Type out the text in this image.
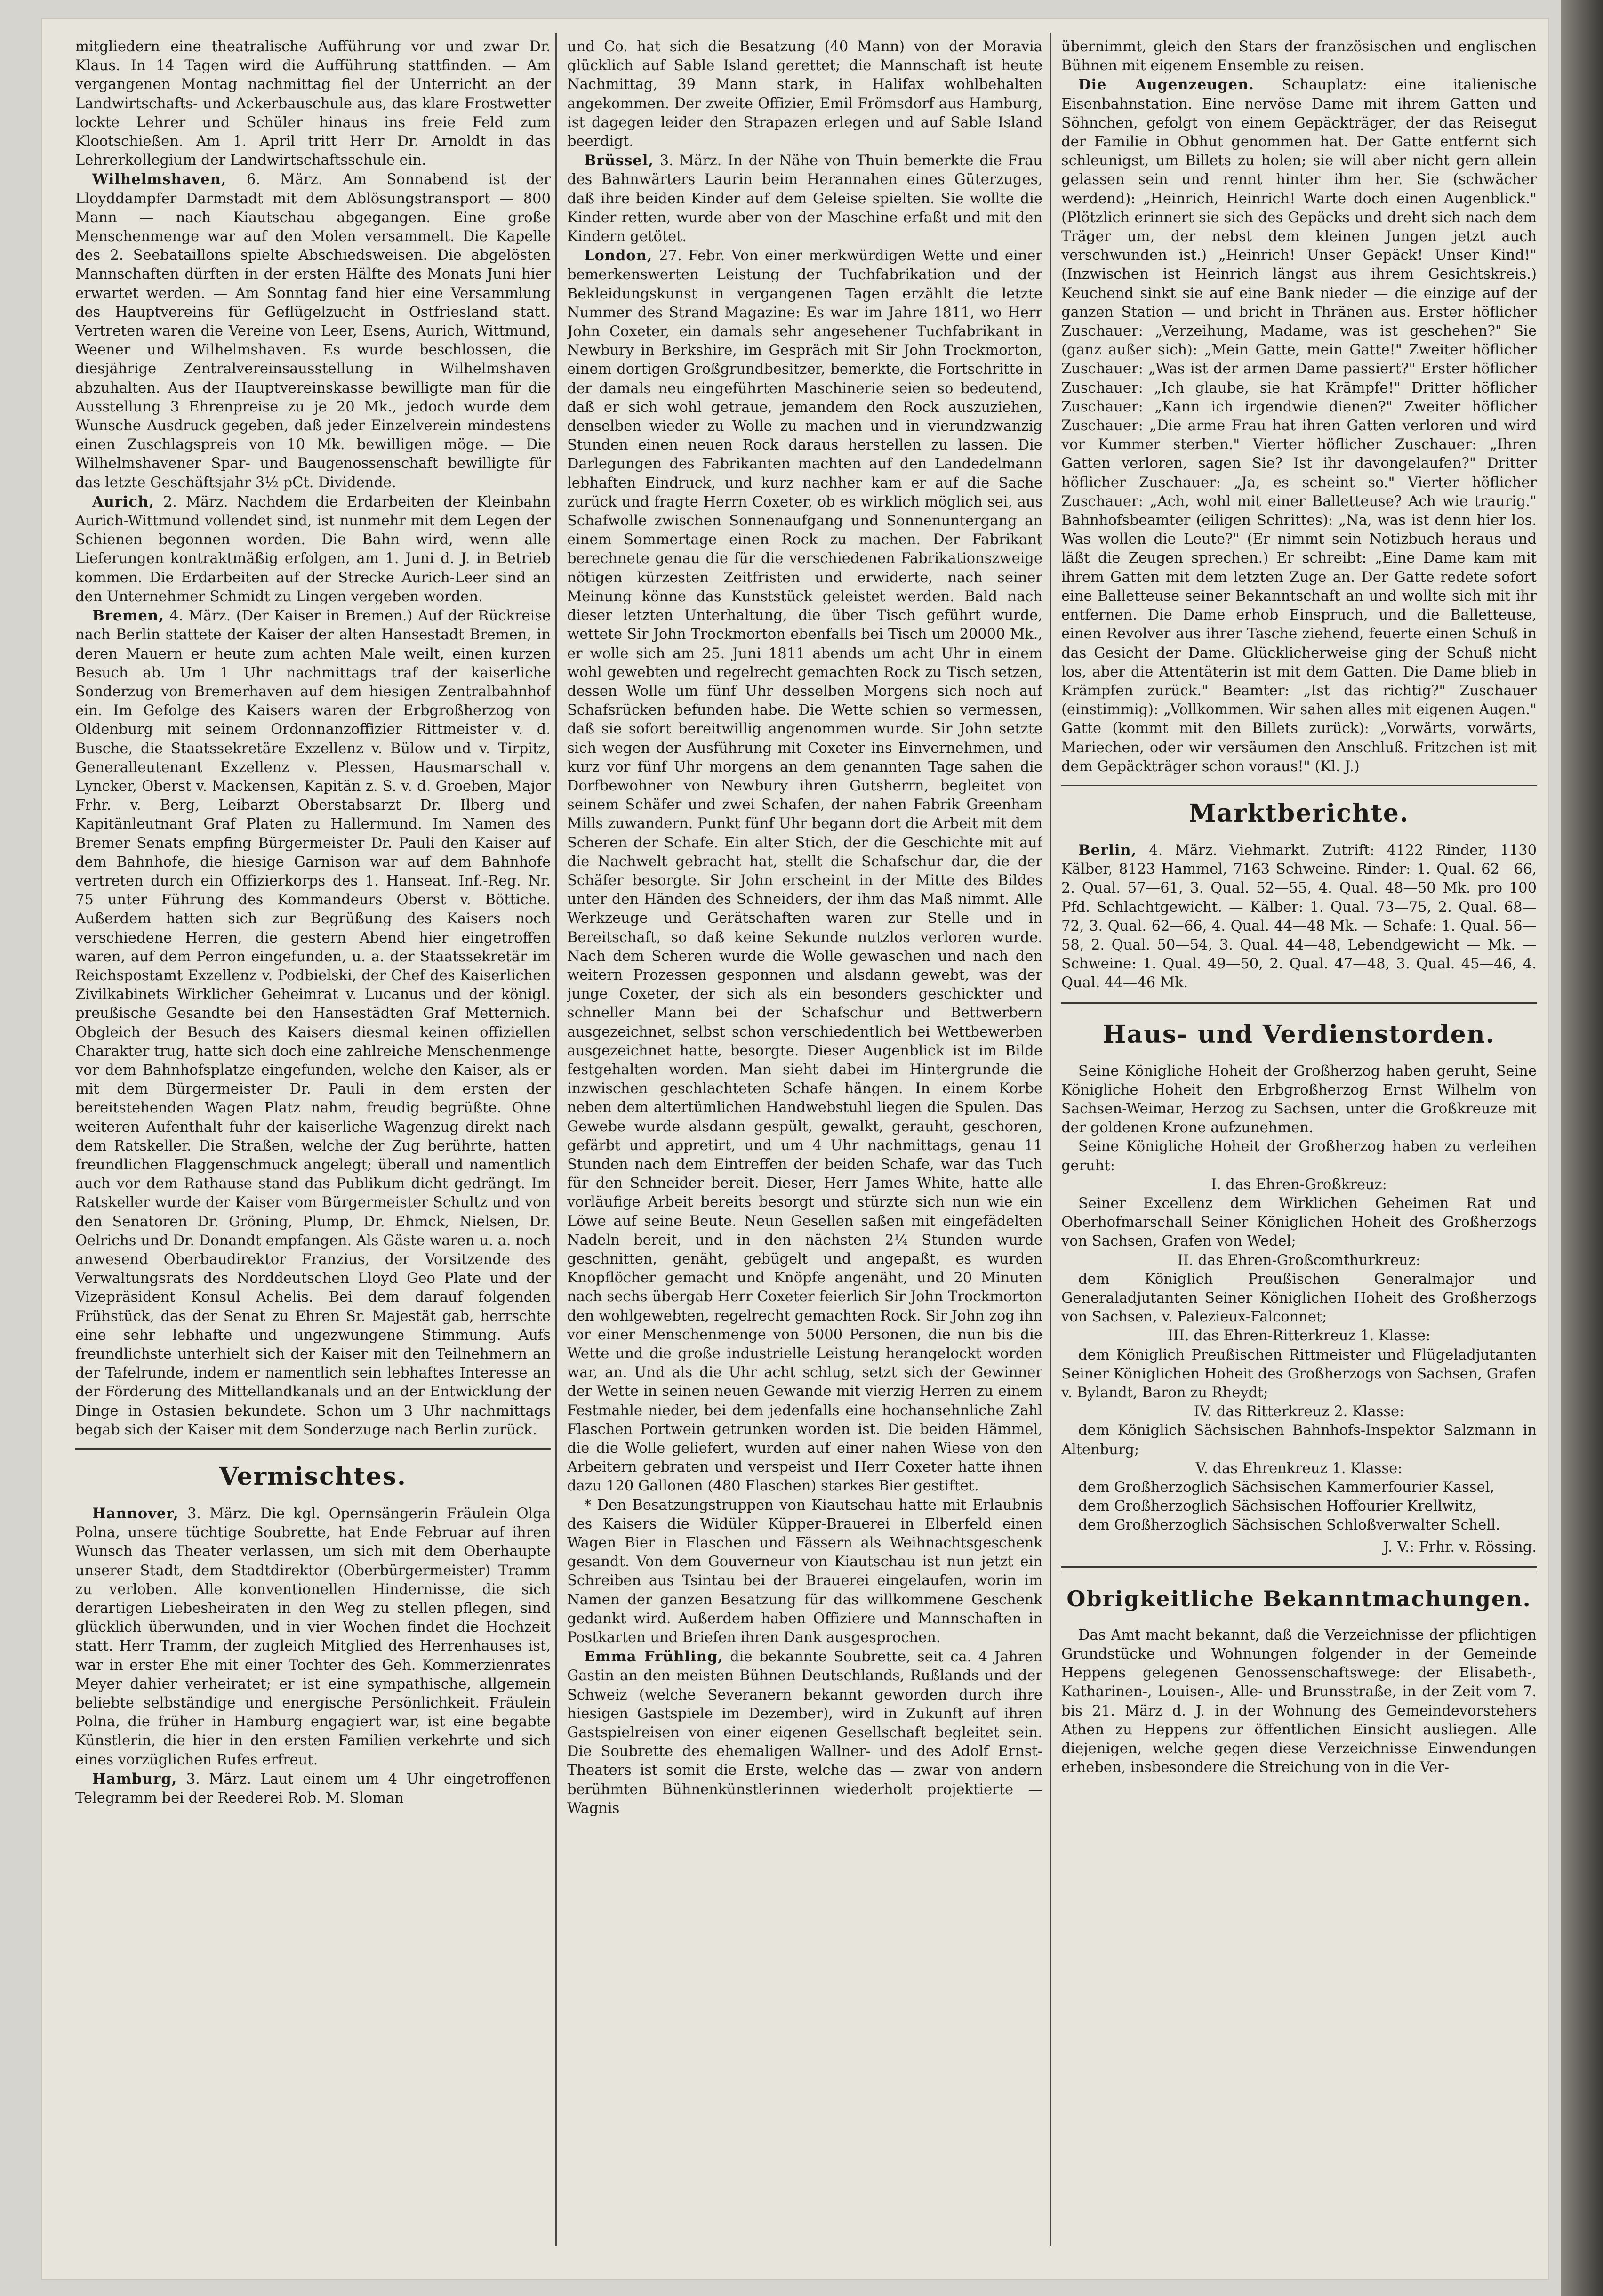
mitgliedern eine theatralische Aufführung vor und zwar Dr. Klaus. In 14 Tagen wird die Aufführung stattfinden. — Am vergangenen Montag nachmittag fiel der Unterricht an der Landwirtschafts- und Ackerbauschule aus, das klare Frostwetter lockte Lehrer und Schüler hinaus ins freie Feld zum Klootschießen. Am 1. April tritt Herr Dr. Arnoldt in das Lehrerkollegium der Landwirtschaftsschule ein.

Wilhelmshaven, 6. März. Am Sonnabend ist der Lloyddampfer Darmstadt mit dem Ablösungstransport — 800 Mann — nach Kiautschau abgegangen. Eine große Menschenmenge war auf den Molen versammelt. Die Kapelle des 2. Seebataillons spielte Abschiedsweisen. Die abgelösten Mannschaften dürften in der ersten Hälfte des Monats Juni hier erwartet werden. — Am Sonntag fand hier eine Versammlung des Hauptvereins für Geflügelzucht in Ostfriesland statt. Vertreten waren die Vereine von Leer, Esens, Aurich, Wittmund, Weener und Wilhelmshaven. Es wurde beschlossen, die diesjährige Zentralvereinsausstellung in Wilhelmshaven abzuhalten. Aus der Hauptvereinskasse bewilligte man für die Ausstellung 3 Ehrenpreise zu je 20 Mk., jedoch wurde dem Wunsche Ausdruck gegeben, daß jeder Einzelverein mindestens einen Zuschlagspreis von 10 Mk. bewilligen möge. — Die Wilhelmshavener Spar- und Baugenossenschaft bewilligte für das letzte Geschäftsjahr 3½ pCt. Dividende.

Aurich, 2. März. Nachdem die Erdarbeiten der Kleinbahn Aurich-Wittmund vollendet sind, ist nunmehr mit dem Legen der Schienen begonnen worden. Die Bahn wird, wenn alle Lieferungen kontraktmäßig erfolgen, am 1. Juni d. J. in Betrieb kommen. Die Erdarbeiten auf der Strecke Aurich-Leer sind an den Unternehmer Schmidt zu Lingen vergeben worden.

Bremen, 4. März. (Der Kaiser in Bremen.) Auf der Rückreise nach Berlin stattete der Kaiser der alten Hansestadt Bremen, in deren Mauern er heute zum achten Male weilt, einen kurzen Besuch ab. Um 1 Uhr nachmittags traf der kaiserliche Sonderzug von Bremerhaven auf dem hiesigen Zentralbahnhof ein. Im Gefolge des Kaisers waren der Erbgroßherzog von Oldenburg mit seinem Ordonnanzoffizier Rittmeister v. d. Busche, die Staatssekretäre Exzellenz v. Bülow und v. Tirpitz, Generalleutenant Exzellenz v. Plessen, Hausmarschall v. Lyncker, Oberst v. Mackensen, Kapitän z. S. v. d. Groeben, Major Frhr. v. Berg, Leibarzt Oberstabsarzt Dr. Ilberg und Kapitänleutnant Graf Platen zu Hallermund. Im Namen des Bremer Senats empfing Bürgermeister Dr. Pauli den Kaiser auf dem Bahnhofe, die hiesige Garnison war auf dem Bahnhofe vertreten durch ein Offizierkorps des 1. Hanseat. Inf.-Reg. Nr. 75 unter Führung des Kommandeurs Oberst v. Böttiche. Außerdem hatten sich zur Begrüßung des Kaisers noch verschiedene Herren, die gestern Abend hier eingetroffen waren, auf dem Perron eingefunden, u. a. der Staatssekretär im Reichspostamt Exzellenz v. Podbielski, der Chef des Kaiserlichen Zivilkabinets Wirklicher Geheimrat v. Lucanus und der königl. preußische Gesandte bei den Hansestädten Graf Metternich. Obgleich der Besuch des Kaisers diesmal keinen offiziellen Charakter trug, hatte sich doch eine zahlreiche Menschenmenge vor dem Bahnhofsplatze eingefunden, welche den Kaiser, als er mit dem Bürgermeister Dr. Pauli in dem ersten der bereitstehenden Wagen Platz nahm, freudig begrüßte. Ohne weiteren Aufenthalt fuhr der kaiserliche Wagenzug direkt nach dem Ratskeller. Die Straßen, welche der Zug berührte, hatten freundlichen Flaggenschmuck angelegt; überall und namentlich auch vor dem Rathause stand das Publikum dicht gedrängt. Im Ratskeller wurde der Kaiser vom Bürgermeister Schultz und von den Senatoren Dr. Gröning, Plump, Dr. Ehmck, Nielsen, Dr. Oelrichs und Dr. Donandt empfangen. Als Gäste waren u. a. noch anwesend Oberbaudirektor Franzius, der Vorsitzende des Verwaltungsrats des Norddeutschen Lloyd Geo Plate und der Vizepräsident Konsul Achelis. Bei dem darauf folgenden Frühstück, das der Senat zu Ehren Sr. Majestät gab, herrschte eine sehr lebhafte und ungezwungene Stimmung. Aufs freundlichste unterhielt sich der Kaiser mit den Teilnehmern an der Tafelrunde, indem er namentlich sein lebhaftes Interesse an der Förderung des Mittellandkanals und an der Entwicklung der Dinge in Ostasien bekundete. Schon um 3 Uhr nachmittags begab sich der Kaiser mit dem Sonderzuge nach Berlin zurück.

Vermischtes.

Hannover, 3. März. Die kgl. Opernsängerin Fräulein Olga Polna, unsere tüchtige Soubrette, hat Ende Februar auf ihren Wunsch das Theater verlassen, um sich mit dem Oberhaupte unserer Stadt, dem Stadtdirektor (Oberbürgermeister) Tramm zu verloben. Alle konventionellen Hindernisse, die sich derartigen Liebesheiraten in den Weg zu stellen pflegen, sind glücklich überwunden, und in vier Wochen findet die Hochzeit statt. Herr Tramm, der zugleich Mitglied des Herrenhauses ist, war in erster Ehe mit einer Tochter des Geh. Kommerzienrates Meyer dahier verheiratet; er ist eine sympathische, allgemein beliebte selbständige und energische Persönlichkeit. Fräulein Polna, die früher in Hamburg engagiert war, ist eine begabte Künstlerin, die hier in den ersten Familien verkehrte und sich eines vorzüglichen Rufes erfreut.

Hamburg, 3. März. Laut einem um 4 Uhr eingetroffenen Telegramm bei der Reederei Rob. M. Sloman

und Co. hat sich die Besatzung (40 Mann) von der Moravia glücklich auf Sable Island gerettet; die Mannschaft ist heute Nachmittag, 39 Mann stark, in Halifax wohlbehalten angekommen. Der zweite Offizier, Emil Frömsdorf aus Hamburg, ist dagegen leider den Strapazen erlegen und auf Sable Island beerdigt.

Brüssel, 3. März. In der Nähe von Thuin bemerkte die Frau des Bahnwärters Laurin beim Herannahen eines Güterzuges, daß ihre beiden Kinder auf dem Geleise spielten. Sie wollte die Kinder retten, wurde aber von der Maschine erfaßt und mit den Kindern getötet.

London, 27. Febr. Von einer merkwürdigen Wette und einer bemerkenswerten Leistung der Tuchfabrikation und der Bekleidungskunst in vergangenen Tagen erzählt die letzte Nummer des Strand Magazine: Es war im Jahre 1811, wo Herr John Coxeter, ein damals sehr angesehener Tuchfabrikant in Newbury in Berkshire, im Gespräch mit Sir John Trockmorton, einem dortigen Großgrundbesitzer, bemerkte, die Fortschritte in der damals neu eingeführten Maschinerie seien so bedeutend, daß er sich wohl getraue, jemandem den Rock auszuziehen, denselben wieder zu Wolle zu machen und in vierundzwanzig Stunden einen neuen Rock daraus herstellen zu lassen. Die Darlegungen des Fabrikanten machten auf den Landedelmann lebhaften Eindruck, und kurz nachher kam er auf die Sache zurück und fragte Herrn Coxeter, ob es wirklich möglich sei, aus Schafwolle zwischen Sonnenaufgang und Sonnenuntergang an einem Sommertage einen Rock zu machen. Der Fabrikant berechnete genau die für die verschiedenen Fabrikationszweige nötigen kürzesten Zeitfristen und erwiderte, nach seiner Meinung könne das Kunststück geleistet werden. Bald nach dieser letzten Unterhaltung, die über Tisch geführt wurde, wettete Sir John Trockmorton ebenfalls bei Tisch um 20000 Mk., er wolle sich am 25. Juni 1811 abends um acht Uhr in einem wohl gewebten und regelrecht gemachten Rock zu Tisch setzen, dessen Wolle um fünf Uhr desselben Morgens sich noch auf Schafsrücken befunden habe. Die Wette schien so vermessen, daß sie sofort bereitwillig angenommen wurde. Sir John setzte sich wegen der Ausführung mit Coxeter ins Einvernehmen, und kurz vor fünf Uhr morgens an dem genannten Tage sahen die Dorfbewohner von Newbury ihren Gutsherrn, begleitet von seinem Schäfer und zwei Schafen, der nahen Fabrik Greenham Mills zuwandern. Punkt fünf Uhr begann dort die Arbeit mit dem Scheren der Schafe. Ein alter Stich, der die Geschichte mit auf die Nachwelt gebracht hat, stellt die Schafschur dar, die der Schäfer besorgte. Sir John erscheint in der Mitte des Bildes unter den Händen des Schneiders, der ihm das Maß nimmt. Alle Werkzeuge und Gerätschaften waren zur Stelle und in Bereitschaft, so daß keine Sekunde nutzlos verloren wurde. Nach dem Scheren wurde die Wolle gewaschen und nach den weitern Prozessen gesponnen und alsdann gewebt, was der junge Coxeter, der sich als ein besonders geschickter und schneller Mann bei der Schafschur und Bettwerbern ausgezeichnet, selbst schon verschiedentlich bei Wettbewerben ausgezeichnet hatte, besorgte. Dieser Augenblick ist im Bilde festgehalten worden. Man sieht dabei im Hintergrunde die inzwischen geschlachteten Schafe hängen. In einem Korbe neben dem altertümlichen Handwebstuhl liegen die Spulen. Das Gewebe wurde alsdann gespült, gewalkt, gerauht, geschoren, gefärbt und appretirt, und um 4 Uhr nachmittags, genau 11 Stunden nach dem Eintreffen der beiden Schafe, war das Tuch für den Schneider bereit. Dieser, Herr James White, hatte alle vorläufige Arbeit bereits besorgt und stürzte sich nun wie ein Löwe auf seine Beute. Neun Gesellen saßen mit eingefädelten Nadeln bereit, und in den nächsten 2¼ Stunden wurde geschnitten, genäht, gebügelt und angepaßt, es wurden Knopflöcher gemacht und Knöpfe angenäht, und 20 Minuten nach sechs übergab Herr Coxeter feierlich Sir John Trockmorton den wohlgewebten, regelrecht gemachten Rock. Sir John zog ihn vor einer Menschenmenge von 5000 Personen, die nun bis die Wette und die große industrielle Leistung herangelockt worden war, an. Und als die Uhr acht schlug, setzt sich der Gewinner der Wette in seinen neuen Gewande mit vierzig Herren zu einem Festmahle nieder, bei dem jedenfalls eine hochansehnliche Zahl Flaschen Portwein getrunken worden ist. Die beiden Hämmel, die die Wolle geliefert, wurden auf einer nahen Wiese von den Arbeitern gebraten und verspeist und Herr Coxeter hatte ihnen dazu 120 Gallonen (480 Flaschen) starkes Bier gestiftet.

* Den Besatzungstruppen von Kiautschau hatte mit Erlaubnis des Kaisers die Widüler Küpper-Brauerei in Elberfeld einen Wagen Bier in Flaschen und Fässern als Weihnachtsgeschenk gesandt. Von dem Gouverneur von Kiautschau ist nun jetzt ein Schreiben aus Tsintau bei der Brauerei eingelaufen, worin im Namen der ganzen Besatzung für das willkommene Geschenk gedankt wird. Außerdem haben Offiziere und Mannschaften in Postkarten und Briefen ihren Dank ausgesprochen.

Emma Frühling, die bekannte Soubrette, seit ca. 4 Jahren Gastin an den meisten Bühnen Deutschlands, Rußlands und der Schweiz (welche Severanern bekannt geworden durch ihre hiesigen Gastspiele im Dezember), wird in Zukunft auf ihren Gastspielreisen von einer eigenen Gesellschaft begleitet sein. Die Soubrette des ehemaligen Wallner- und des Adolf Ernst-Theaters ist somit die Erste, welche das — zwar von andern berühmten Bühnenkünstlerinnen wiederholt projektierte — Wagnis

übernimmt, gleich den Stars der französischen und englischen Bühnen mit eigenem Ensemble zu reisen.

Die Augenzeugen. Schauplatz: eine italienische Eisenbahnstation. Eine nervöse Dame mit ihrem Gatten und Söhnchen, gefolgt von einem Gepäckträger, der das Reisegut der Familie in Obhut genommen hat. Der Gatte entfernt sich schleunigst, um Billets zu holen; sie will aber nicht gern allein gelassen sein und rennt hinter ihm her. Sie (schwächer werdend): „Heinrich, Heinrich! Warte doch einen Augenblick." (Plötzlich erinnert sie sich des Gepäcks und dreht sich nach dem Träger um, der nebst dem kleinen Jungen jetzt auch verschwunden ist.) „Heinrich! Unser Gepäck! Unser Kind!" (Inzwischen ist Heinrich längst aus ihrem Gesichtskreis.) Keuchend sinkt sie auf eine Bank nieder — die einzige auf der ganzen Station — und bricht in Thränen aus. Erster höflicher Zuschauer: „Verzeihung, Madame, was ist geschehen?" Sie (ganz außer sich): „Mein Gatte, mein Gatte!" Zweiter höflicher Zuschauer: „Was ist der armen Dame passiert?" Erster höflicher Zuschauer: „Ich glaube, sie hat Krämpfe!" Dritter höflicher Zuschauer: „Kann ich irgendwie dienen?" Zweiter höflicher Zuschauer: „Die arme Frau hat ihren Gatten verloren und wird vor Kummer sterben." Vierter höflicher Zuschauer: „Ihren Gatten verloren, sagen Sie? Ist ihr davongelaufen?" Dritter höflicher Zuschauer: „Ja, es scheint so." Vierter höflicher Zuschauer: „Ach, wohl mit einer Balletteuse? Ach wie traurig." Bahnhofsbeamter (eiligen Schrittes): „Na, was ist denn hier los. Was wollen die Leute?" (Er nimmt sein Notizbuch heraus und läßt die Zeugen sprechen.) Er schreibt: „Eine Dame kam mit ihrem Gatten mit dem letzten Zuge an. Der Gatte redete sofort eine Balletteuse seiner Bekanntschaft an und wollte sich mit ihr entfernen. Die Dame erhob Einspruch, und die Balletteuse, einen Revolver aus ihrer Tasche ziehend, feuerte einen Schuß in das Gesicht der Dame. Glücklicherweise ging der Schuß nicht los, aber die Attentäterin ist mit dem Gatten. Die Dame blieb in Krämpfen zurück." Beamter: „Ist das richtig?" Zuschauer (einstimmig): „Vollkommen. Wir sahen alles mit eigenen Augen." Gatte (kommt mit den Billets zurück): „Vorwärts, vorwärts, Mariechen, oder wir versäumen den Anschluß. Fritzchen ist mit dem Gepäckträger schon voraus!" (Kl. J.)

Marktberichte.

Berlin, 4. März. Viehmarkt. Zutrift: 4122 Rinder, 1130 Kälber, 8123 Hammel, 7163 Schweine. Rinder: 1. Qual. 62—66, 2. Qual. 57—61, 3. Qual. 52—55, 4. Qual. 48—50 Mk. pro 100 Pfd. Schlachtgewicht. — Kälber: 1. Qual. 73—75, 2. Qual. 68—72, 3. Qual. 62—66, 4. Qual. 44—48 Mk. — Schafe: 1. Qual. 56—58, 2. Qual. 50—54, 3. Qual. 44—48, Lebendgewicht — Mk. — Schweine: 1. Qual. 49—50, 2. Qual. 47—48, 3. Qual. 45—46, 4. Qual. 44—46 Mk.

Haus- und Verdienstorden.

Seine Königliche Hoheit der Großherzog haben geruht, Seine Königliche Hoheit den Erbgroßherzog Ernst Wilhelm von Sachsen-Weimar, Herzog zu Sachsen, unter die Großkreuze mit der goldenen Krone aufzunehmen.

Seine Königliche Hoheit der Großherzog haben zu verleihen geruht:

I. das Ehren-Großkreuz:

Seiner Excellenz dem Wirklichen Geheimen Rat und Oberhofmarschall Seiner Königlichen Hoheit des Großherzogs von Sachsen, Grafen von Wedel;

II. das Ehren-Großcomthurkreuz:

dem Königlich Preußischen Generalmajor und Generaladjutanten Seiner Königlichen Hoheit des Großherzogs von Sachsen, v. Palezieux-Falconnet;

III. das Ehren-Ritterkreuz 1. Klasse:

dem Königlich Preußischen Rittmeister und Flügeladjutanten Seiner Königlichen Hoheit des Großherzogs von Sachsen, Grafen v. Bylandt, Baron zu Rheydt;

IV. das Ritterkreuz 2. Klasse:

dem Königlich Sächsischen Bahnhofs-Inspektor Salzmann in Altenburg;

V. das Ehrenkreuz 1. Klasse:

dem Großherzoglich Sächsischen Kammerfourier Kassel,

dem Großherzoglich Sächsischen Hoffourier Krellwitz,

dem Großherzoglich Sächsischen Schloßverwalter Schell.

J. V.: Frhr. v. Rössing.

Obrigkeitliche Bekanntmachungen.

Das Amt macht bekannt, daß die Verzeichnisse der pflichtigen Grundstücke und Wohnungen folgender in der Gemeinde Heppens gelegenen Genossenschaftswege: der Elisabeth-, Katharinen-, Louisen-, Alle- und Brunsstraße, in der Zeit vom 7. bis 21. März d. J. in der Wohnung des Gemeindevorstehers Athen zu Heppens zur öffentlichen Einsicht ausliegen. Alle diejenigen, welche gegen diese Verzeichnisse Einwendungen erheben, insbesondere die Streichung von in die Ver-
